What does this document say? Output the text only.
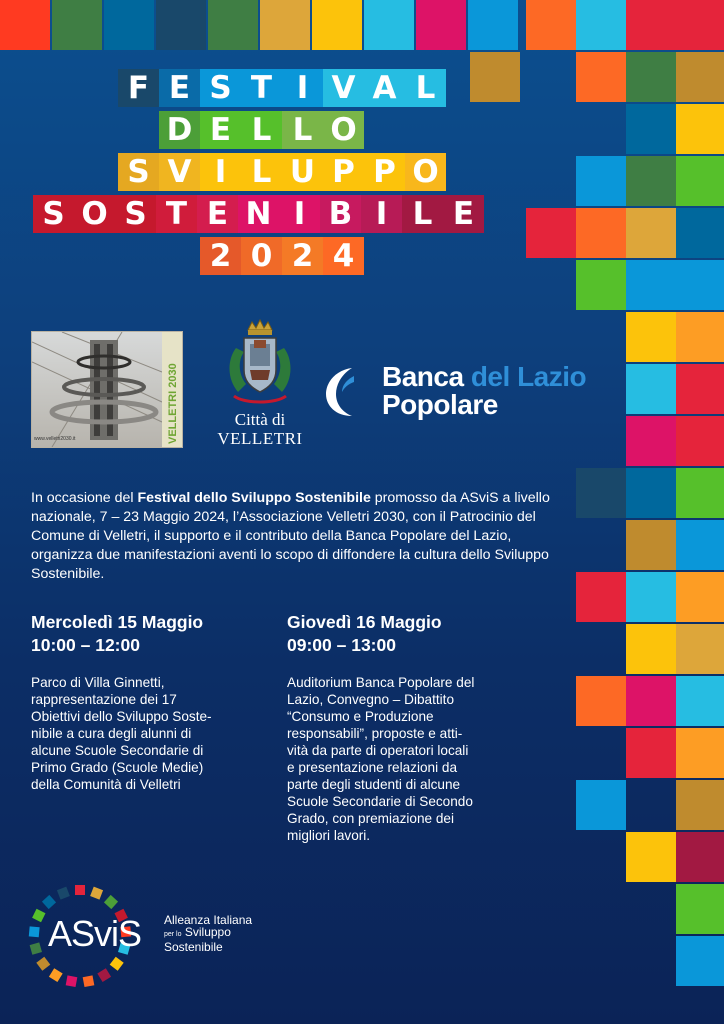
F E S T I V A L
D E L L O
S V I L U P P O
S O S T E N I B I L E
2 0 2 4
www.velletri2030.it	VELLETRI 2030	Città di
VELLETRI
Banca del Lazio
Popolare
In occasione del Festival dello Sviluppo Sostenibile promosso da ASviS a livello nazionale, 7 – 23 Maggio 2024, l’Associazione Velletri 2030, con il Patrocinio del Comune di Velletri, il supporto e il contributo della Banca Popolare del Lazio, organizza due manifestazioni aventi lo scopo di diffondere la cultura dello Sviluppo Sostenibile.
Mercoledì 15 Maggio
10:00 – 12:00
Parco di Villa Ginnetti,
rappresentazione dei 17
Obiettivi dello Sviluppo Soste-
nibile a cura degli alunni di
alcune Scuole Secondarie di
Primo Grado (Scuole Medie)
della Comunità di Velletri
Giovedì 16 Maggio
09:00 – 13:00
Auditorium Banca Popolare del
Lazio, Convegno – Dibattito
“Consumo e Produzione
responsabili”, proposte e atti-
vità da parte di operatori locali
e presentazione relazioni da
parte degli studenti di alcune
Scuole Secondarie di Secondo
Grado, con premiazione dei
migliori lavori.
ASviS Alleanza Italiana
per lo Sviluppo
Sostenibile
